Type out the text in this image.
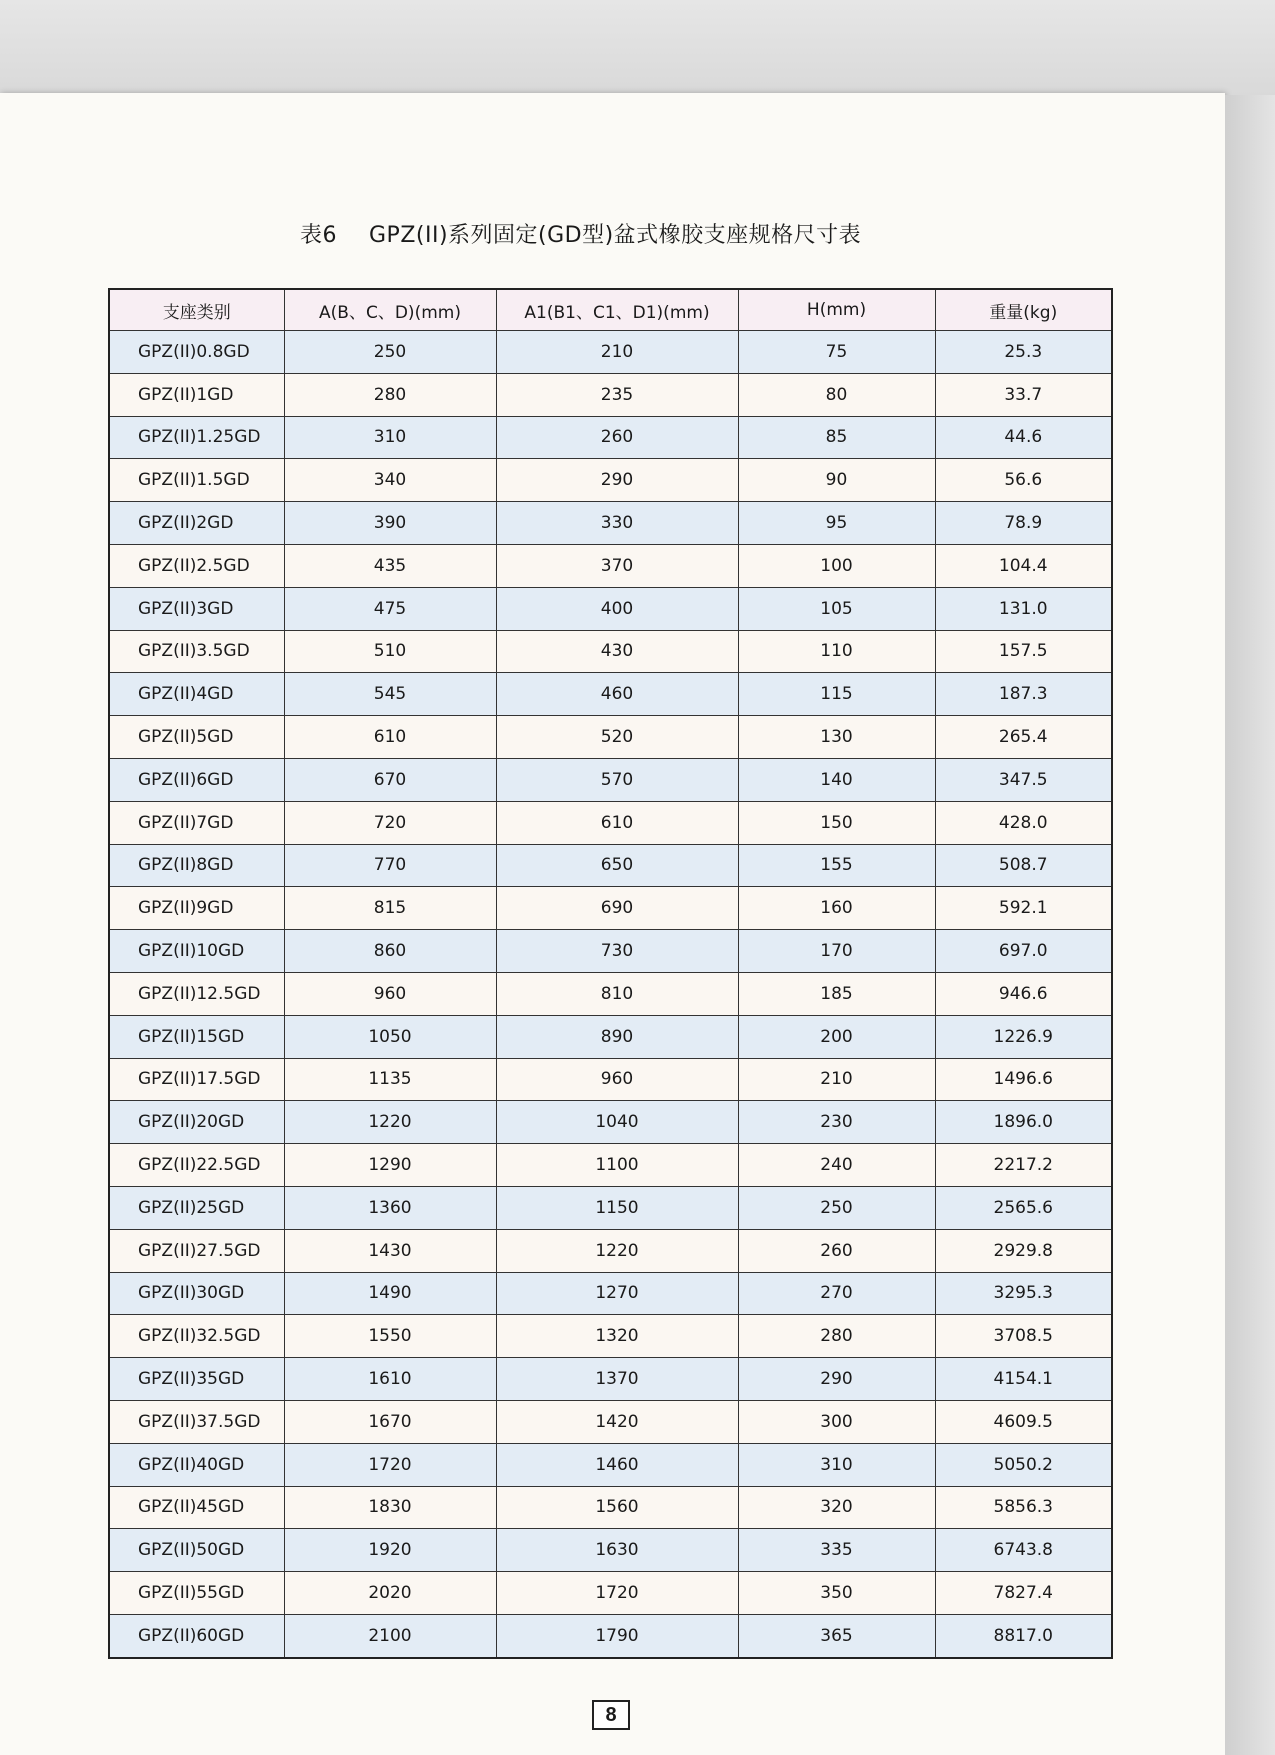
表6 GPZ(II)系列固定(GD型)盆式橡胶支座规格尺寸表
支座类别	A(B、C、D)(mm)	A1(B1、C1、D1)(mm)	H(mm)	重量(kg)
GPZ(II)0.8GD	250	210	75	25.3
GPZ(II)1GD	280	235	80	33.7
GPZ(II)1.25GD	310	260	85	44.6
GPZ(II)1.5GD	340	290	90	56.6
GPZ(II)2GD	390	330	95	78.9
GPZ(II)2.5GD	435	370	100	104.4
GPZ(II)3GD	475	400	105	131.0
GPZ(II)3.5GD	510	430	110	157.5
GPZ(II)4GD	545	460	115	187.3
GPZ(II)5GD	610	520	130	265.4
GPZ(II)6GD	670	570	140	347.5
GPZ(II)7GD	720	610	150	428.0
GPZ(II)8GD	770	650	155	508.7
GPZ(II)9GD	815	690	160	592.1
GPZ(II)10GD	860	730	170	697.0
GPZ(II)12.5GD	960	810	185	946.6
GPZ(II)15GD	1050	890	200	1226.9
GPZ(II)17.5GD	1135	960	210	1496.6
GPZ(II)20GD	1220	1040	230	1896.0
GPZ(II)22.5GD	1290	1100	240	2217.2
GPZ(II)25GD	1360	1150	250	2565.6
GPZ(II)27.5GD	1430	1220	260	2929.8
GPZ(II)30GD	1490	1270	270	3295.3
GPZ(II)32.5GD	1550	1320	280	3708.5
GPZ(II)35GD	1610	1370	290	4154.1
GPZ(II)37.5GD	1670	1420	300	4609.5
GPZ(II)40GD	1720	1460	310	5050.2
GPZ(II)45GD	1830	1560	320	5856.3
GPZ(II)50GD	1920	1630	335	6743.8
GPZ(II)55GD	2020	1720	350	7827.4
GPZ(II)60GD	2100	1790	365	8817.0
8
